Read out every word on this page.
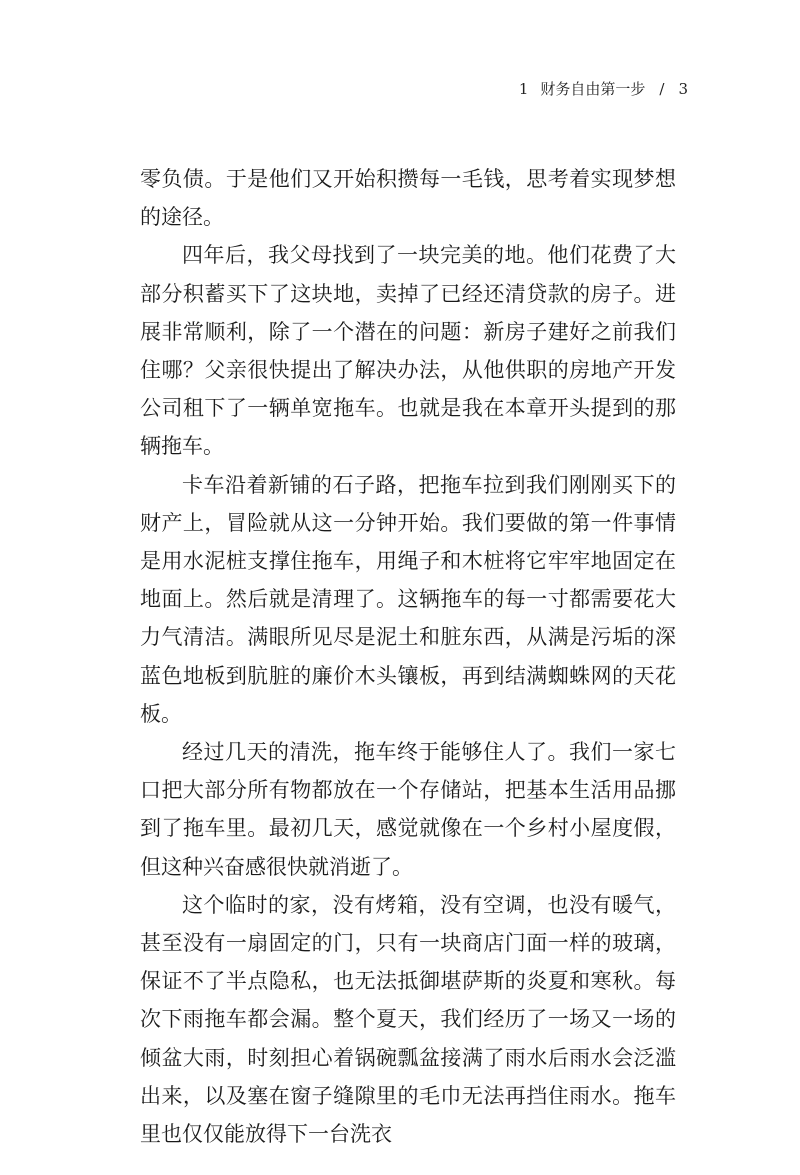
1 财务自由第一步 / 3

零负债。于是他们又开始积攒每一毛钱，思考着实现梦想的途径。

四年后，我父母找到了一块完美的地。他们花费了大部分积蓄买下了这块地，卖掉了已经还清贷款的房子。进展非常顺利，除了一个潜在的问题：新房子建好之前我们住哪？父亲很快提出了解决办法，从他供职的房地产开发公司租下了一辆单宽拖车。也就是我在本章开头提到的那辆拖车。

卡车沿着新铺的石子路，把拖车拉到我们刚刚买下的财产上，冒险就从这一分钟开始。我们要做的第一件事情是用水泥桩支撑住拖车，用绳子和木桩将它牢牢地固定在地面上。然后就是清理了。这辆拖车的每一寸都需要花大力气清洁。满眼所见尽是泥土和脏东西，从满是污垢的深蓝色地板到肮脏的廉价木头镶板，再到结满蜘蛛网的天花板。

经过几天的清洗，拖车终于能够住人了。我们一家七口把大部分所有物都放在一个存储站，把基本生活用品挪到了拖车里。最初几天，感觉就像在一个乡村小屋度假，但这种兴奋感很快就消逝了。

这个临时的家，没有烤箱，没有空调，也没有暖气，甚至没有一扇固定的门，只有一块商店门面一样的玻璃，保证不了半点隐私，也无法抵御堪萨斯的炎夏和寒秋。每次下雨拖车都会漏。整个夏天，我们经历了一场又一场的倾盆大雨，时刻担心着锅碗瓢盆接满了雨水后雨水会泛滥出来，以及塞在窗子缝隙里的毛巾无法再挡住雨水。拖车里也仅仅能放得下一台洗衣
